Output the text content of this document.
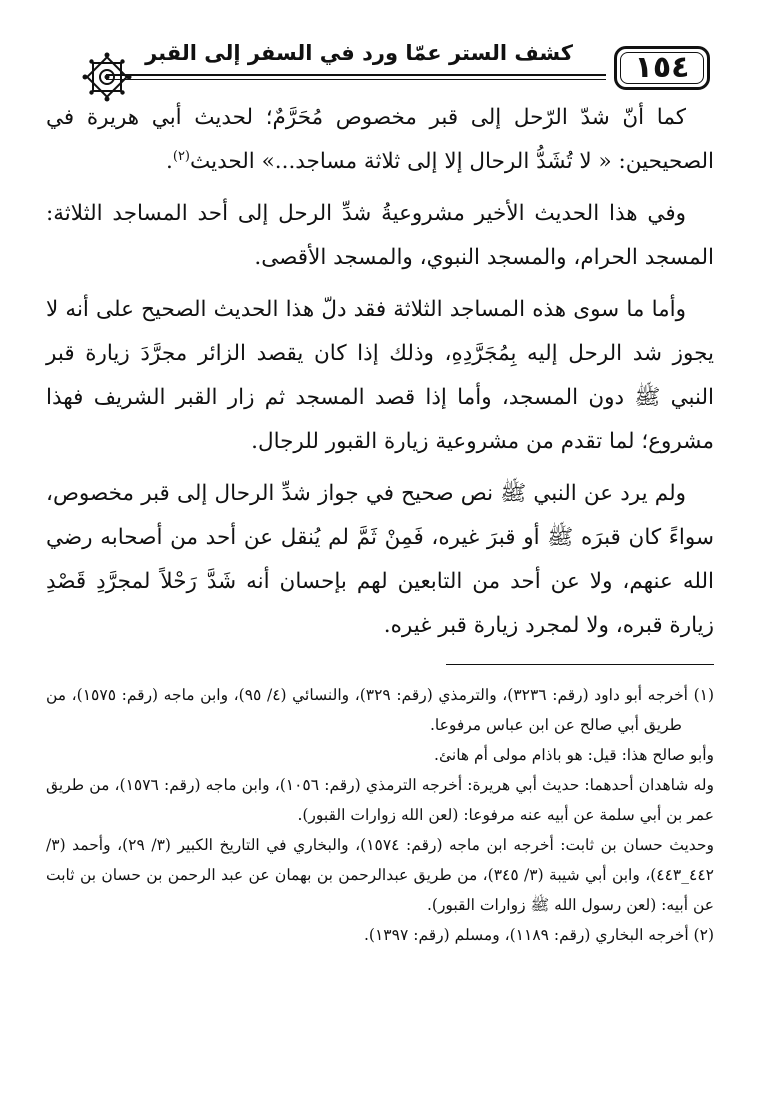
كشف الستر عمّا ورد في السفر إلى القبر	١٥٤

كما أنّ شدّ الرّحل إلى قبر مخصوص مُحَرَّمٌ؛ لحديث أبي هريرة في الصحيحين: « لا تُشَدُّ الرحال إلا إلى ثلاثة مساجد...» الحديث$^{(٢)}$.

وفي هذا الحديث الأخير مشروعيةُ شدِّ الرحل إلى أحد المساجد الثلاثة: المسجد الحرام، والمسجد النبوي، والمسجد الأقصى.

وأما ما سوى هذه المساجد الثلاثة فقد دلّ هذا الحديث الصحيح على أنه لا يجوز شد الرحل إليه بِمُجَرَّدِهِ، وذلك إذا كان يقصد الزائر مجرَّدَ زيارة قبر النبي ﷺ دون المسجد، وأما إذا قصد المسجد ثم زار القبر الشريف فهذا مشروع؛ لما تقدم من مشروعية زيارة القبور للرجال.

ولم يرد عن النبي ﷺ نص صحيح في جواز شدِّ الرحال إلى قبر مخصوص، سواءً كان قبرَه ﷺ أو قبرَ غيره، فَمِنْ ثَمَّ لم يُنقل عن أحد من أصحابه رضي الله عنهم، ولا عن أحد من التابعين لهم بإحسان أنه شَدَّ رَحْلاً لمجرَّدِ قَصْدِ زيارة قبره، ولا لمجرد زيارة قبر غيره.

(١) أخرجه أبو داود (رقم: ٣٢٣٦)، والترمذي (رقم: ٣٢٩)، والنسائي (٤/ ٩٥)، وابن ماجه (رقم: ١٥٧٥)، من طريق أبي صالح عن ابن عباس مرفوعا.

وأبو صالح هذا: قيل: هو باذام مولى أم هانئ.

وله شاهدان أحدهما: حديث أبي هريرة: أخرجه الترمذي (رقم: ١٠٥٦)، وابن ماجه (رقم: ١٥٧٦)، من طريق عمر بن أبي سلمة عن أبيه عنه مرفوعا: (لعن الله زوارات القبور).

وحديث حسان بن ثابت: أخرجه ابن ماجه (رقم: ١٥٧٤)، والبخاري في التاريخ الكبير (٣/ ٢٩)، وأحمد (٣/ ٤٤٢_٤٤٣)، وابن أبي شيبة (٣/ ٣٤٥)، من طريق عبدالرحمن بن بهمان عن عبد الرحمن بن حسان بن ثابت عن أبيه: (لعن رسول الله ﷺ زوارات القبور).

(٢) أخرجه البخاري (رقم: ١١٨٩)، ومسلم (رقم: ١٣٩٧).
